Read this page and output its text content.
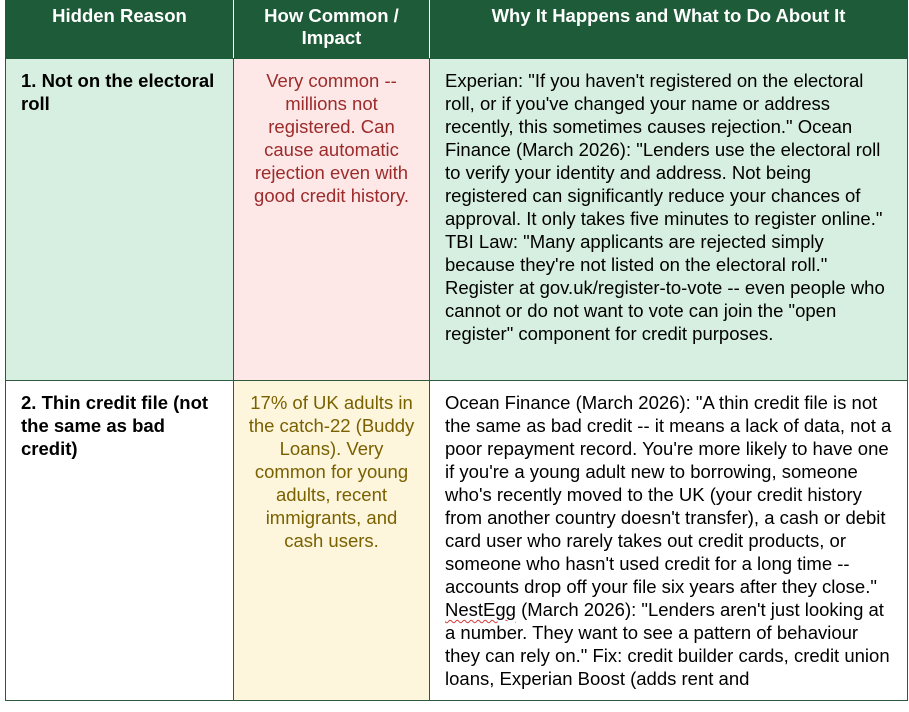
Hidden Reason	How Common / Impact	Why It Happens and What to Do About It
1. Not on the electoral roll	Very common -- millions not registered. Can cause automatic rejection even with good credit history.	Experian: "If you haven't registered on the electoral roll, or if you've changed your name or address recently, this sometimes causes rejection." Ocean Finance (March 2026): "Lenders use the electoral roll to verify your identity and address. Not being registered can significantly reduce your chances of approval. It only takes five minutes to register online." TBI Law: "Many applicants are rejected simply because they're not listed on the electoral roll." Register at gov.uk/register-to-vote -- even people who cannot or do not want to vote can join the "open register" component for credit purposes.
2. Thin credit file (not the same as bad credit)	17% of UK adults in the catch-22 (Buddy Loans). Very common for young adults, recent immigrants, and cash users.	Ocean Finance (March 2026): "A thin credit file is not the same as bad credit -- it means a lack of data, not a poor repayment record. You're more likely to have one if you're a young adult new to borrowing, someone who's recently moved to the UK (your credit history from another country doesn't transfer), a cash or debit card user who rarely takes out credit products, or someone who hasn't used credit for a long time -- accounts drop off your file six years after they close." NestEgg (March 2026): "Lenders aren't just looking at a number. They want to see a pattern of behaviour they can rely on." Fix: credit builder cards, credit union loans, Experian Boost (adds rent and
